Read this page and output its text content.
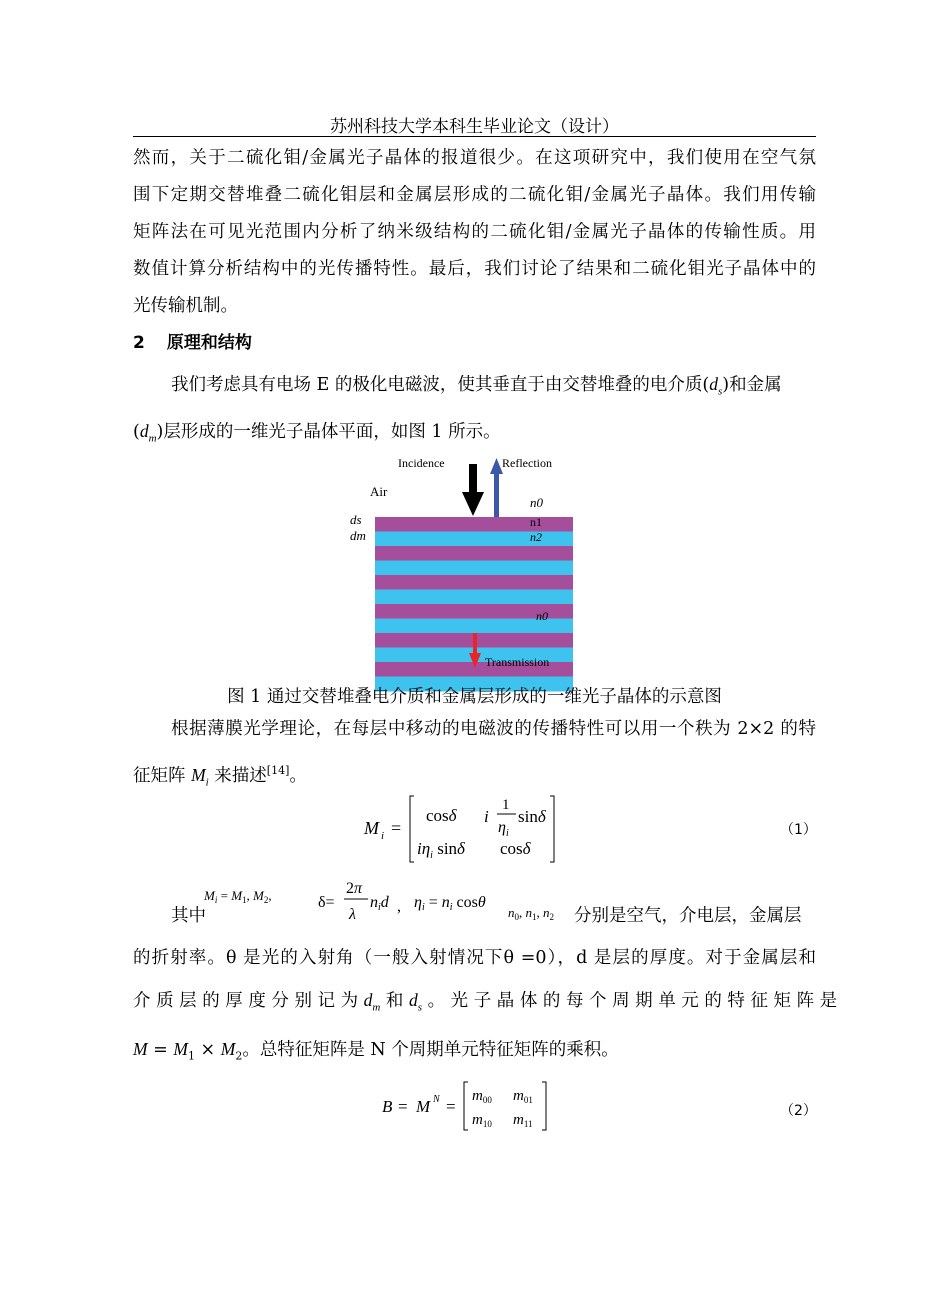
苏州科技大学本科生毕业论文（设计）
然而，关于二硫化钼/金属光子晶体的报道很少。在这项研究中，我们使用在空气氛
围下定期交替堆叠二硫化钼层和金属层形成的二硫化钼/金属光子晶体。我们用传输
矩阵法在可见光范围内分析了纳米级结构的二硫化钼/金属光子晶体的传输性质。用
数值计算分析结构中的光传播特性。最后，我们讨论了结果和二硫化钼光子晶体中的
光传输机制。
2 原理和结构
我们考虑具有电场 E 的极化电磁波，使其垂直于由交替堆叠的电介质$(d_s)$和金属
$(d_m)$层形成的一维光子晶体平面，如图 1 所示。
Incidence	Reflection
Air
n0
n1
n2
n0
ds
dm
Transmission
图 1 通过交替堆叠电介质和金属层形成的一维光子晶体的示意图
根据薄膜光学理论，在每层中移动的电磁波的传播特性可以用一个秩为 2×2 的特
征矩阵 $M_i$ 来描述[14]。
M i =
cosδ i
1
$\eta_i$
sinδ
$i\eta_i$ sinδ cosδ
（1）
其中
$M_i = M_1$, $M_2$,	δ=
2π
λ
nid , ηi = ni cosθ
$n_0$, $n_1$, $n_2$ 分别是空气，介电层，金属层
的折射率。θ 是光的入射角（一般入射情况下θ =0），d 是层的厚度。对于金属层和
介 质 层 的 厚 度 分 别 记 为 $d_m$ 和 $d_s$ 。 光 子 晶 体 的 每 个 周 期 单 元 的 特 征 矩 阵 是
$M = M_1 \times M_2$。总特征矩阵是 N 个周期单元特征矩阵的乘积。
B = M N =
$m_{00}$ $m_{01}$
$m_{10}$ $m_{11}$
（2）
